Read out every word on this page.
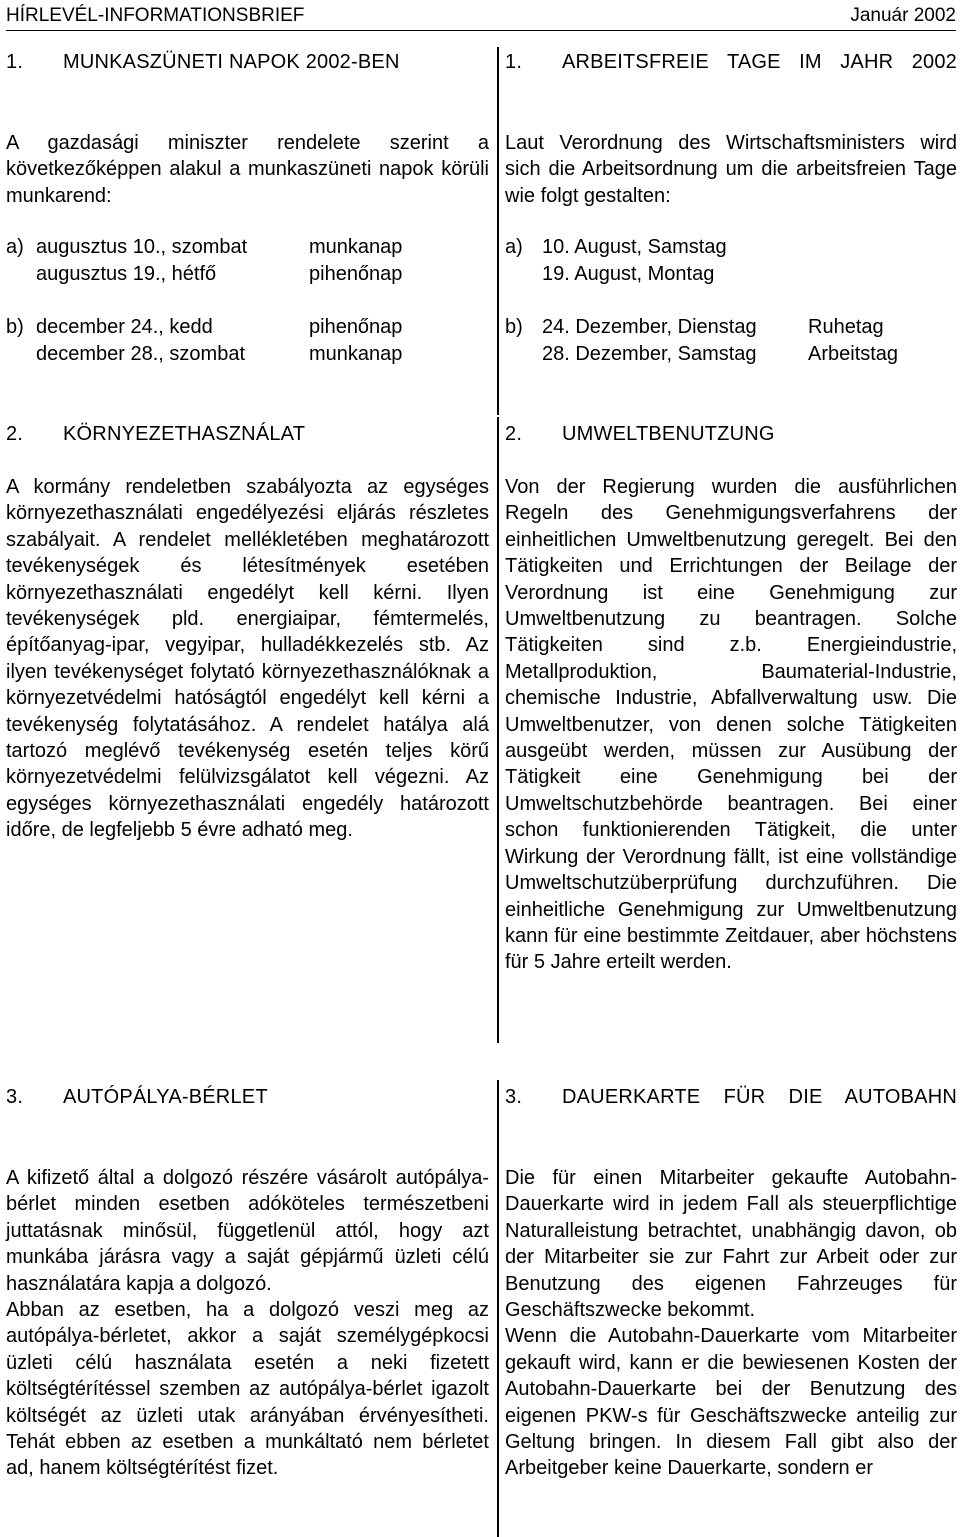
HÍRLEVÉL-INFORMATIONSBRIEF	Január 2002
1.	MUNKASZÜNETI NAPOK 2002-BEN

A gazdasági miniszter rendelete szerint a következőképpen alakul a munkaszüneti napok körüli munkarend:

a) augusztus 10., szombat	munkanap
augusztus 19., hétfő	pihenőnap
b) december 24., kedd	pihenőnap
december 28., szombat	munkanap
1.	ARBEITSFREIE TAGE IM JAHR 2002

Laut Verordnung des Wirtschaftsministers wird sich die Arbeitsordnung um die arbeitsfreien Tage wie folgt gestalten:

a) 10. August, Samstag
19. August, Montag
b) 24. Dezember, Dienstag	Ruhetag
28. Dezember, Samstag	Arbeitstag
2.	KÖRNYEZETHASZNÁLAT

A kormány rendeletben szabályozta az egységes környezethasználati engedélyezési eljárás részletes szabályait. A rendelet mellékletében meghatározott tevékenységek és létesítmények esetében környezethasználati engedélyt kell kérni. Ilyen tevékenységek pld. energiaipar, fémtermelés, építőanyag-ipar, vegyipar, hulladékkezelés stb. Az ilyen tevékenységet folytató környezethasználóknak a környezetvédelmi hatóságtól engedélyt kell kérni a tevékenység folytatásához. A rendelet hatálya alá tartozó meglévő tevékenység esetén teljes körű környezetvédelmi felülvizsgálatot kell végezni. Az egységes környezethasználati engedély határozott időre, de legfeljebb 5 évre adható meg.

2.	UMWELTBENUTZUNG

Von der Regierung wurden die ausführlichen Regeln des Genehmigungsverfahrens der einheitlichen Umweltbenutzung geregelt. Bei den Tätigkeiten und Errichtungen der Beilage der Verordnung ist eine Genehmigung zur Umweltbenutzung zu beantragen. Solche Tätigkeiten sind z.b. Energieindustrie, Metallproduktion, Baumaterial-Industrie, chemische Industrie, Abfallverwaltung usw. Die Umweltbenutzer, von denen solche Tätigkeiten ausgeübt werden, müssen zur Ausübung der Tätigkeit eine Genehmigung bei der Umweltschutzbehörde beantragen. Bei einer schon funktionierenden Tätigkeit, die unter Wirkung der Verordnung fällt, ist eine vollständige Umweltschutzüberprüfung durchzuführen. Die einheitliche Genehmigung zur Umweltbenutzung kann für eine bestimmte Zeitdauer, aber höchstens für 5 Jahre erteilt werden.

3.	AUTÓPÁLYA-BÉRLET

A kifizető által a dolgozó részére vásárolt autópálya-bérlet minden esetben adóköteles természetbeni juttatásnak minősül, függetlenül attól, hogy azt munkába járásra vagy a saját gépjármű üzleti célú használatára kapja a dolgozó.

Abban az esetben, ha a dolgozó veszi meg az autópálya-bérletet, akkor a saját személygépkocsi üzleti célú használata esetén a neki fizetett költségtérítéssel szemben az autópálya-bérlet igazolt költségét az üzleti utak arányában érvényesítheti. Tehát ebben az esetben a munkáltató nem bérletet ad, hanem költségtérítést fizet.

3.	DAUERKARTE FÜR DIE AUTOBAHN

Die für einen Mitarbeiter gekaufte Autobahn-Dauerkarte wird in jedem Fall als steuerpflichtige Naturalleistung betrachtet, unabhängig davon, ob der Mitarbeiter sie zur Fahrt zur Arbeit oder zur Benutzung des eigenen Fahrzeuges für Geschäftszwecke bekommt.

Wenn die Autobahn-Dauerkarte vom Mitarbeiter gekauft wird, kann er die bewiesenen Kosten der Autobahn-Dauerkarte bei der Benutzung des eigenen PKW-s für Geschäftszwecke anteilig zur Geltung bringen. In diesem Fall gibt also der Arbeitgeber keine Dauerkarte, sondern er
